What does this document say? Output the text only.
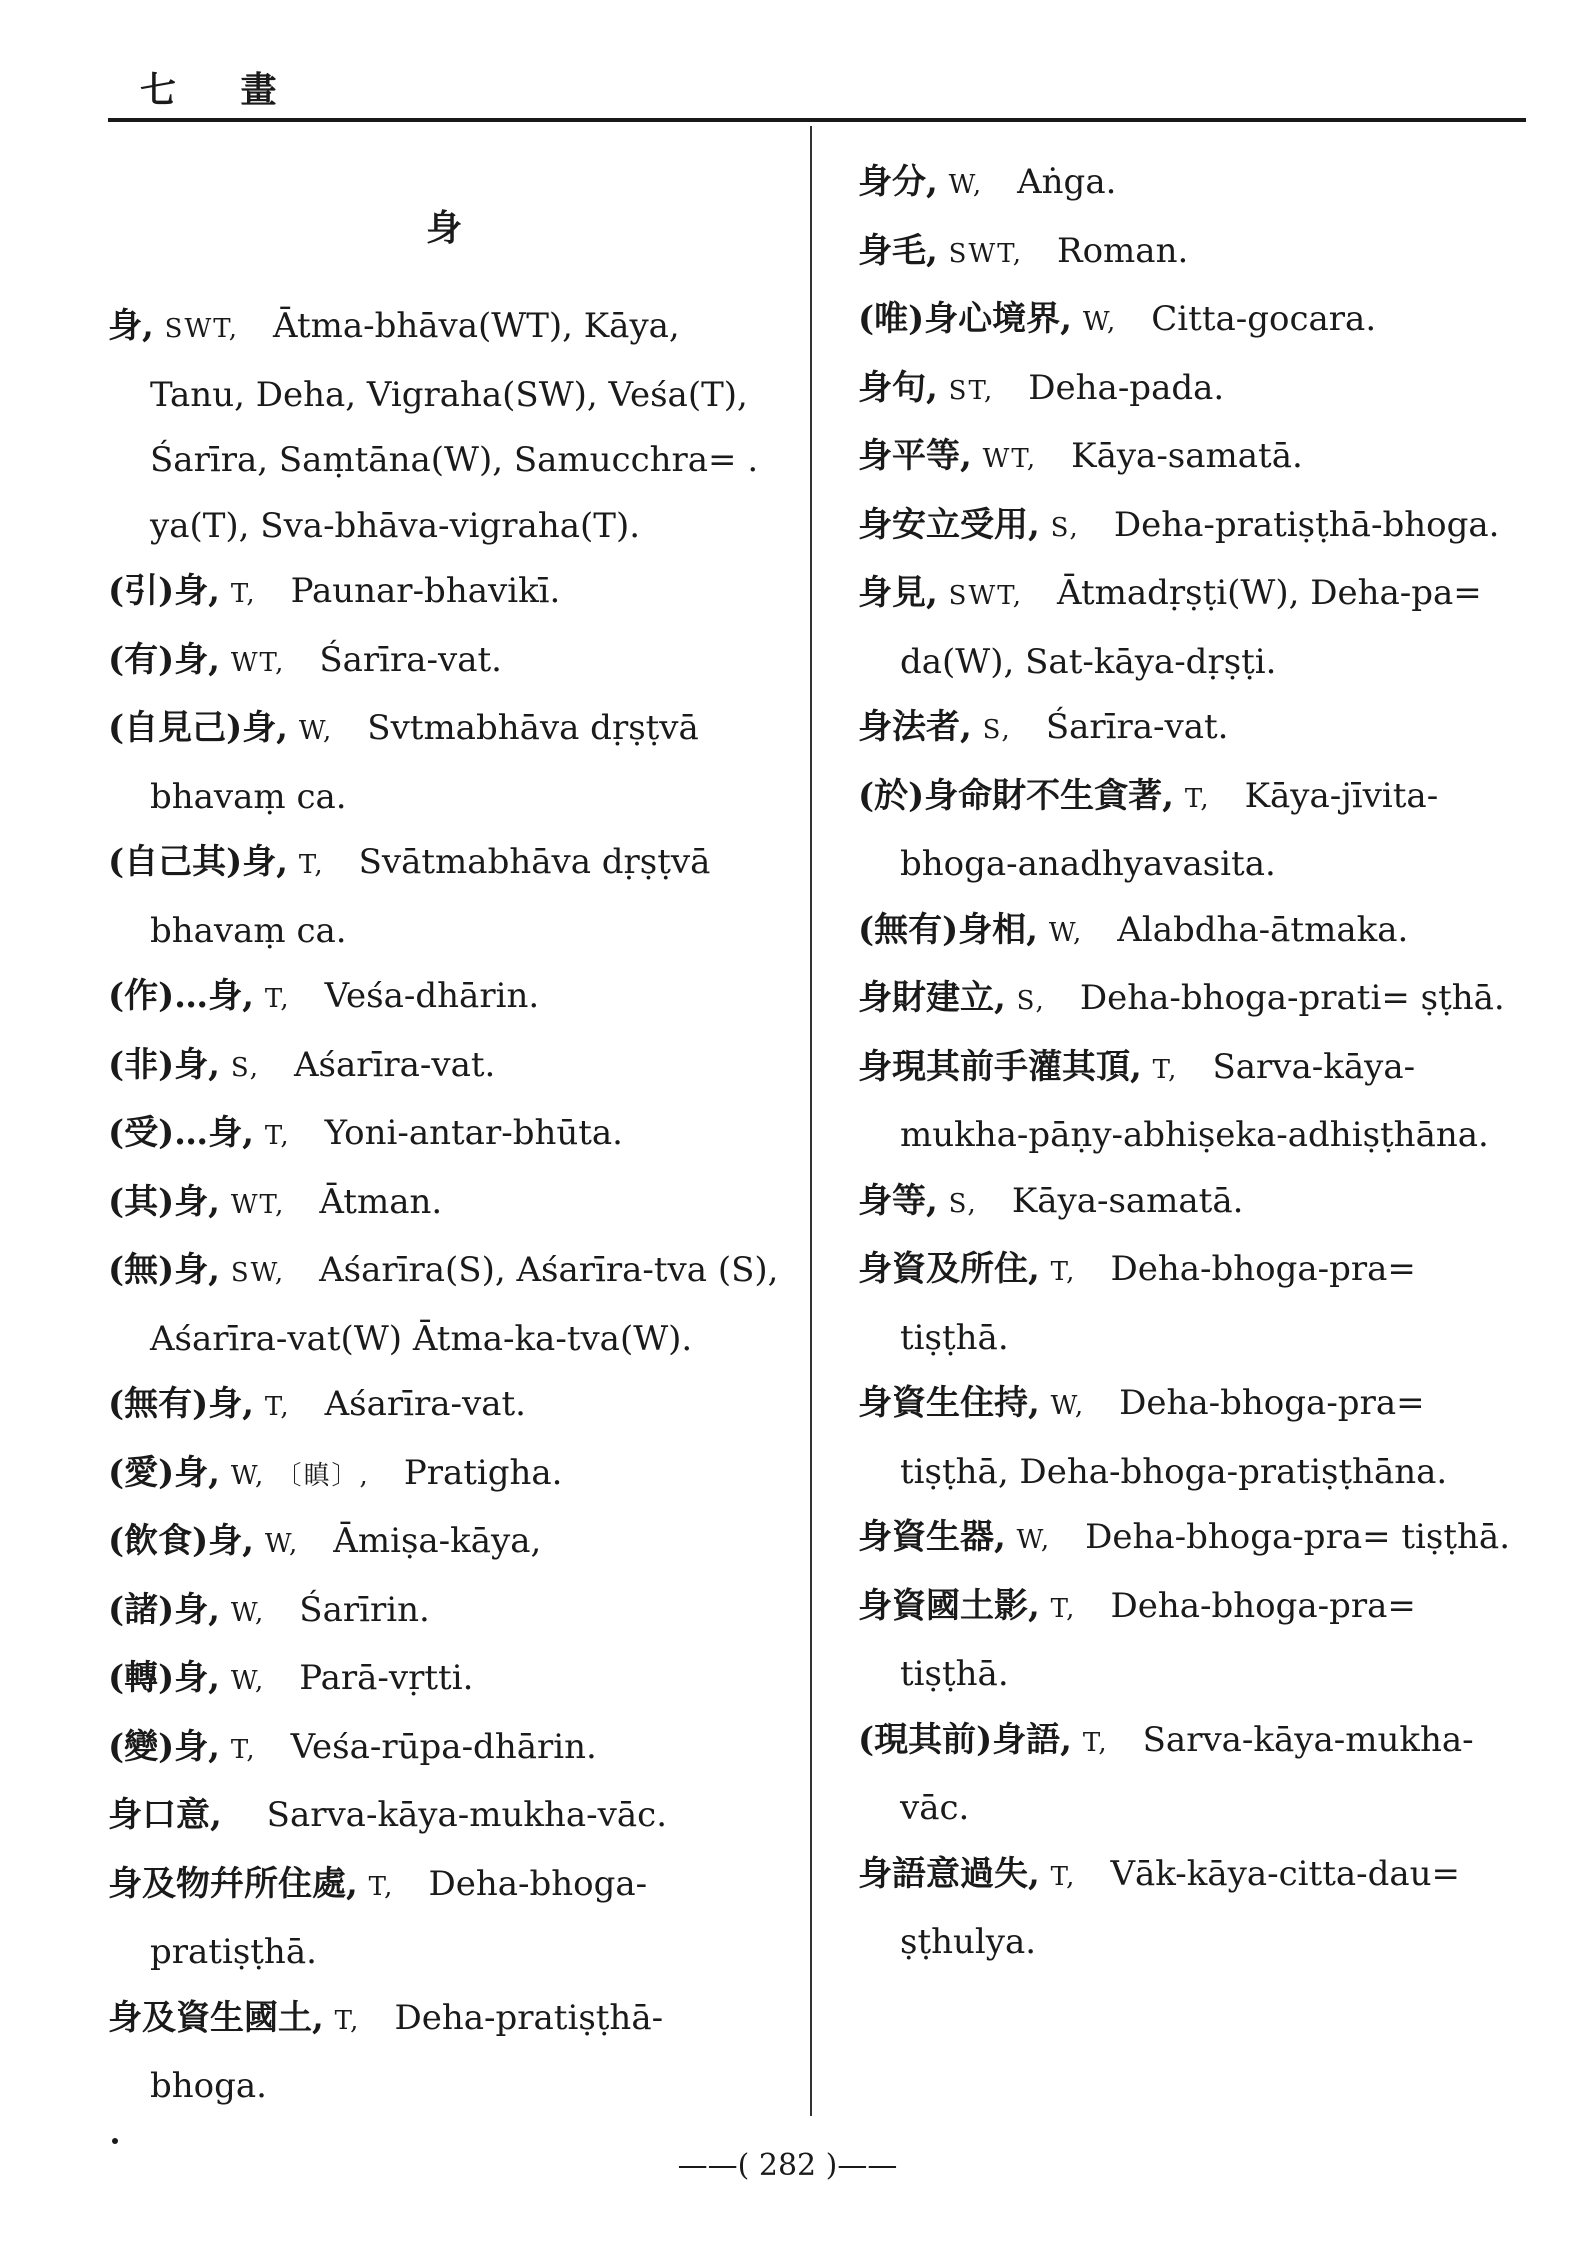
七 畫
身
身, SWT,  Ātma-bhāva(WT), Kāya, Tanu, Deha, Vigraha(SW), Veśa(T), Śarīra, Saṃtāna(W), Samucchra= . ya(T), Sva-bhāva-vigraha(T).
(引)身, T,  Paunar-bhavikī.
(有)身, WT,  Śarīra-vat.
(自見己)身, W,  Svtmabhāva dṛṣṭvā bhavaṃ ca.
(自己其)身, T,  Svātmabhāva dṛṣṭvā bhavaṃ ca.
(作)…身, T,  Veśa-dhārin.
(非)身, S,  Aśarīra-vat.
(受)…身, T,  Yoni-antar-bhūta.
(其)身, WT,  Ātman.
(無)身, SW,  Aśarīra(S), Aśarīra-tva (S), Aśarīra-vat(W) Ātma-ka-tva(W).
(無有)身, T,  Aśarīra-vat.
(愛)身, W, 〔瞋〕,  Pratigha.
(飲食)身, W,  Āmiṣa-kāya,
(諸)身, W,  Śarīrin.
(轉)身, W,  Parā-vṛtti.
(變)身, T,  Veśa-rūpa-dhārin.
身口意,   Sarva-kāya-mukha-vāc.
身及物幷所住處, T,  Deha-bhoga-pratiṣṭhā.
身及資生國土, T,  Deha-pratiṣṭhā-bhoga.
身分, W,  Aṅga.
身毛, SWT,  Roman.
(唯)身心境界, W,  Citta-gocara.
身句, ST,  Deha-pada.
身平等, WT,  Kāya-samatā.
身安立受用, S,  Deha-pratiṣṭhā-bhoga.
身見, SWT,  Ātmadṛṣṭi(W), Deha-pa= da(W), Sat-kāya-dṛṣṭi.
身法者, S,  Śarīra-vat.
(於)身命財不生貪著, T,  Kāya-jīvita-bhoga-anadhyavasita.
(無有)身相, W,  Alabdha-ātmaka.
身財建立, S,  Deha-bhoga-prati= ṣṭhā.
身現其前手灌其頂, T,  Sarva-kāya-mukha-pāṇy-abhiṣeka-adhiṣṭhāna.
身等, S,  Kāya-samatā.
身資及所住, T,  Deha-bhoga-pra= tiṣṭhā.
身資生住持, W,  Deha-bhoga-pra= tiṣṭhā, Deha-bhoga-pratiṣṭhāna.
身資生器, W,  Deha-bhoga-pra= tiṣṭhā.
身資國土影, T,  Deha-bhoga-pra= tiṣṭhā.
(現其前)身語, T,  Sarva-kāya-mukha-vāc.
身語意過失, T,  Vāk-kāya-citta-dau= ṣṭhulya.
——( 282 )——
